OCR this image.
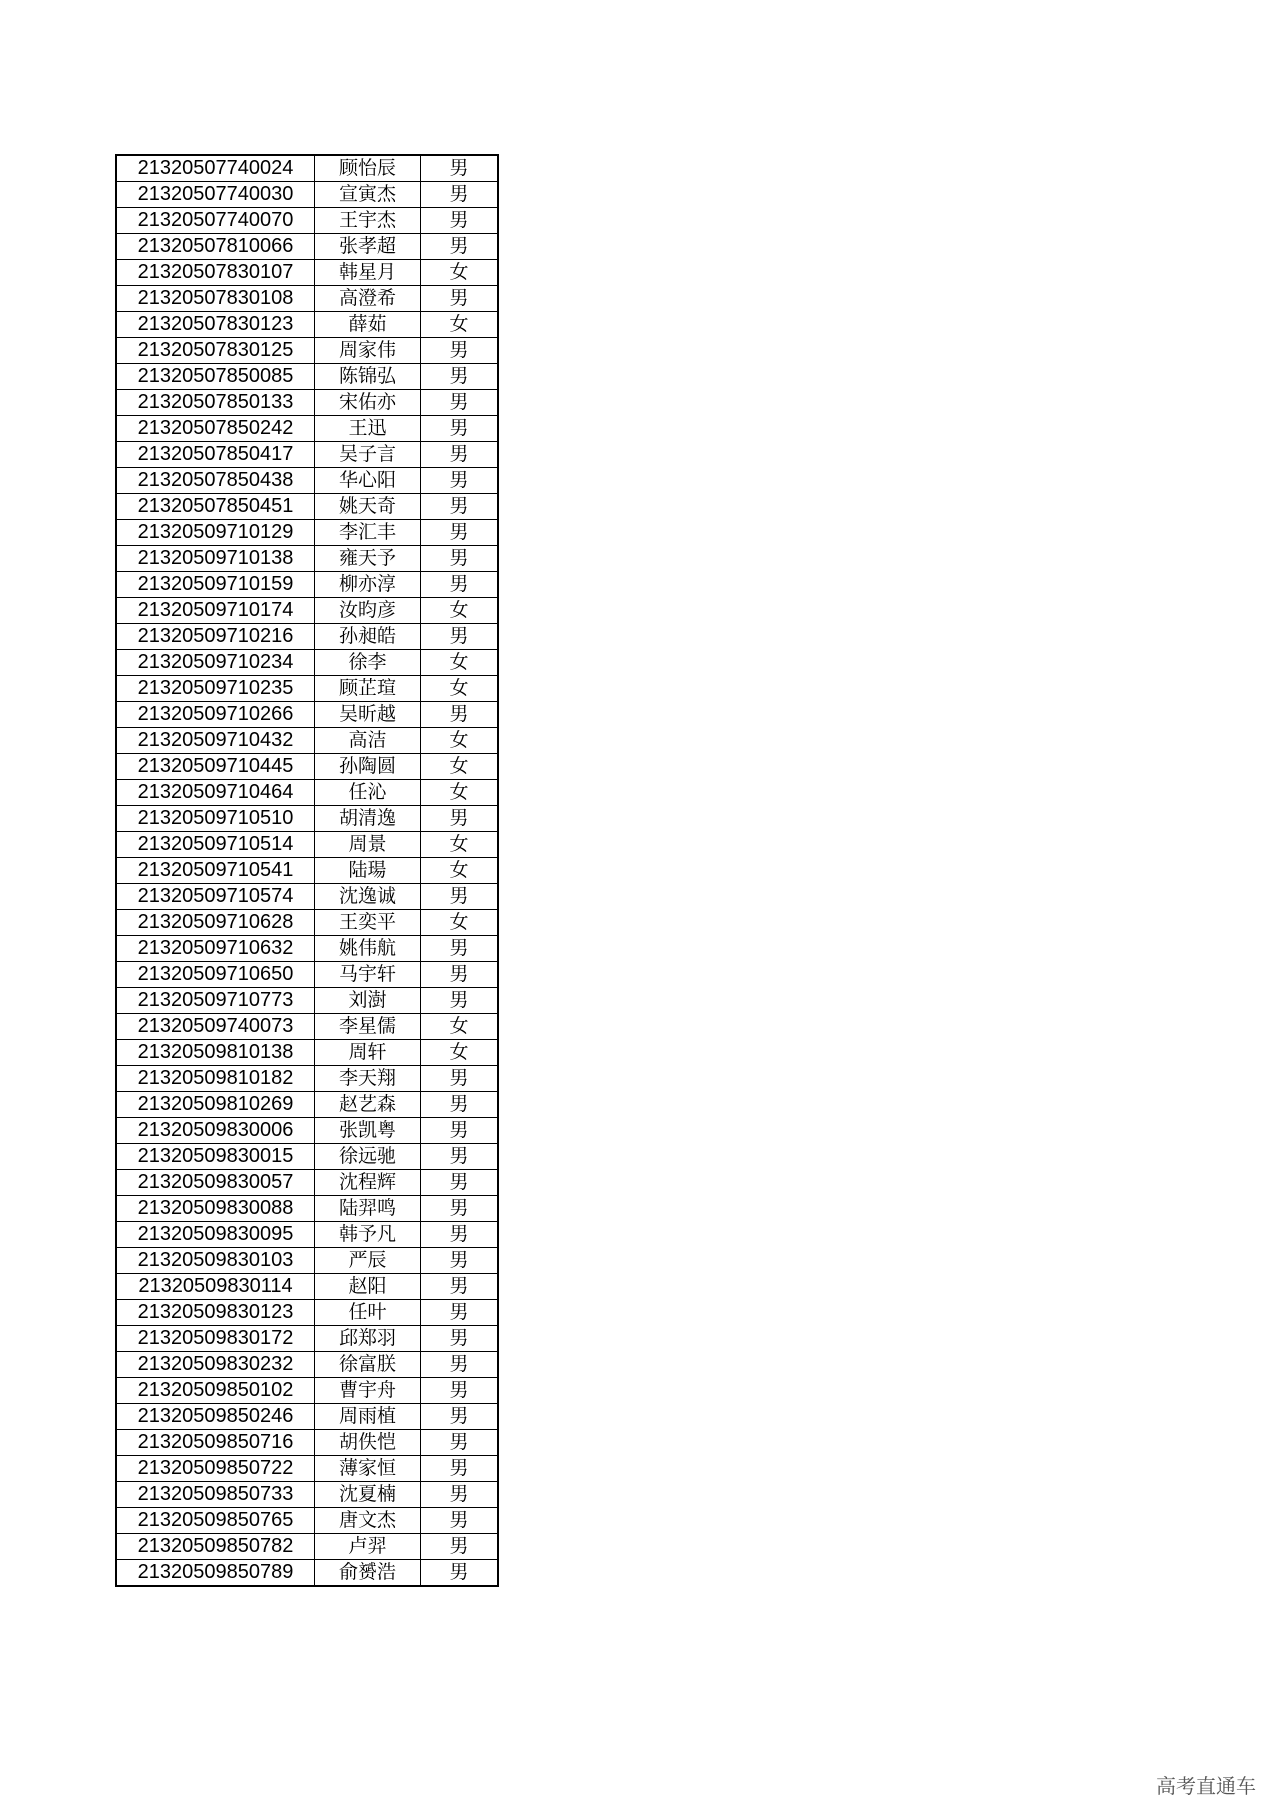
21320507740024	顾怡辰	男
21320507740030	宣寅杰	男
21320507740070	王宇杰	男
21320507810066	张孝超	男
21320507830107	韩星月	女
21320507830108	高澄希	男
21320507830123	薛茹	女
21320507830125	周家伟	男
21320507850085	陈锦弘	男
21320507850133	宋佑亦	男
21320507850242	王迅	男
21320507850417	吴子言	男
21320507850438	华心阳	男
21320507850451	姚天奇	男
21320509710129	李汇丰	男
21320509710138	雍天予	男
21320509710159	柳亦淳	男
21320509710174	汝昀彦	女
21320509710216	孙昶皓	男
21320509710234	徐李	女
21320509710235	顾芷瑄	女
21320509710266	吴昕越	男
21320509710432	高洁	女
21320509710445	孙陶圆	女
21320509710464	任沁	女
21320509710510	胡清逸	男
21320509710514	周景	女
21320509710541	陆瑒	女
21320509710574	沈逸诚	男
21320509710628	王奕平	女
21320509710632	姚伟航	男
21320509710650	马宇轩	男
21320509710773	刘澍	男
21320509740073	李星儒	女
21320509810138	周轩	女
21320509810182	李天翔	男
21320509810269	赵艺森	男
21320509830006	张凯粤	男
21320509830015	徐远驰	男
21320509830057	沈程辉	男
21320509830088	陆羿鸣	男
21320509830095	韩予凡	男
21320509830103	严辰	男
21320509830114	赵阳	男
21320509830123	任叶	男
21320509830172	邱郑羽	男
21320509830232	徐富朕	男
21320509850102	曹宇舟	男
21320509850246	周雨植	男
21320509850716	胡佚恺	男
21320509850722	薄家恒	男
21320509850733	沈夏楠	男
21320509850765	唐文杰	男
21320509850782	卢羿	男
21320509850789	俞赟浩	男
高考直通车
